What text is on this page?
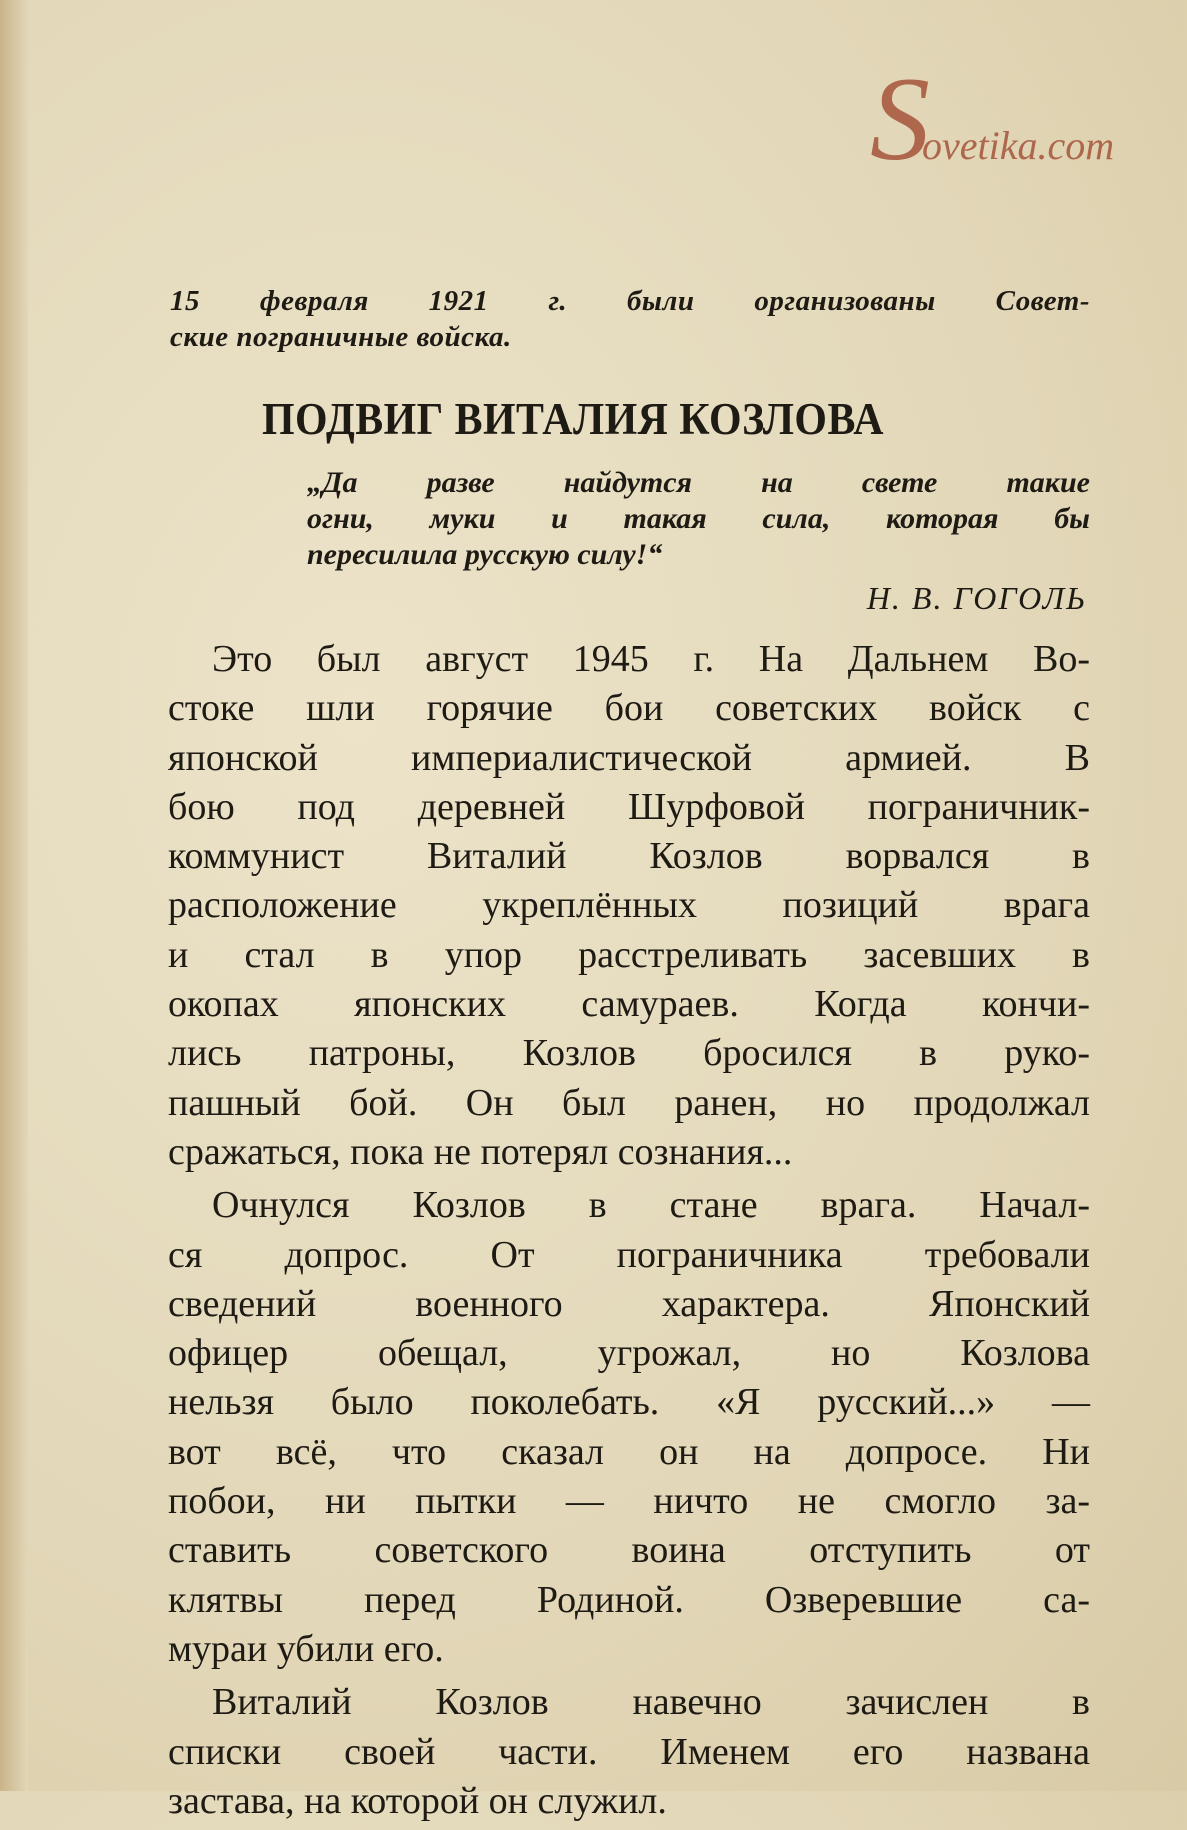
15 февраля 1921 г. были организованы Совет-
ские пограничные войска.
ПОДВИГ ВИТАЛИЯ КОЗЛОВА
„Да разве найдутся на свете такие
огни, муки и такая сила, которая бы
пересилила русскую силу!“
Н. В. ГОГОЛЬ
Это был август 1945 г. На Дальнем Во-
стоке шли горячие бои советских войск с
японской империалистической армией. В
бою под деревней Шурфовой пограничник-
коммунист Виталий Козлов ворвался в
расположение укреплённых позиций врага
и стал в упор расстреливать засевших в
окопах японских самураев. Когда кончи-
лись патроны, Козлов бросился в руко-
пашный бой. Он был ранен, но продолжал
сражаться, пока не потерял сознания...
Очнулся Козлов в стане врага. Начал-
ся допрос. От пограничника требовали
сведений военного характера. Японский
офицер обещал, угрожал, но Козлова
нельзя было поколебать. «Я русский...» —
вот всё, что сказал он на допросе. Ни
побои, ни пытки — ничто не смогло за-
ставить советского воина отступить от
клятвы перед Родиной. Озверевшие са-
мураи убили его.
Виталий Козлов навечно зачислен в
списки своей части. Именем его названа
застава, на которой он служил.
S
ovetika.com
